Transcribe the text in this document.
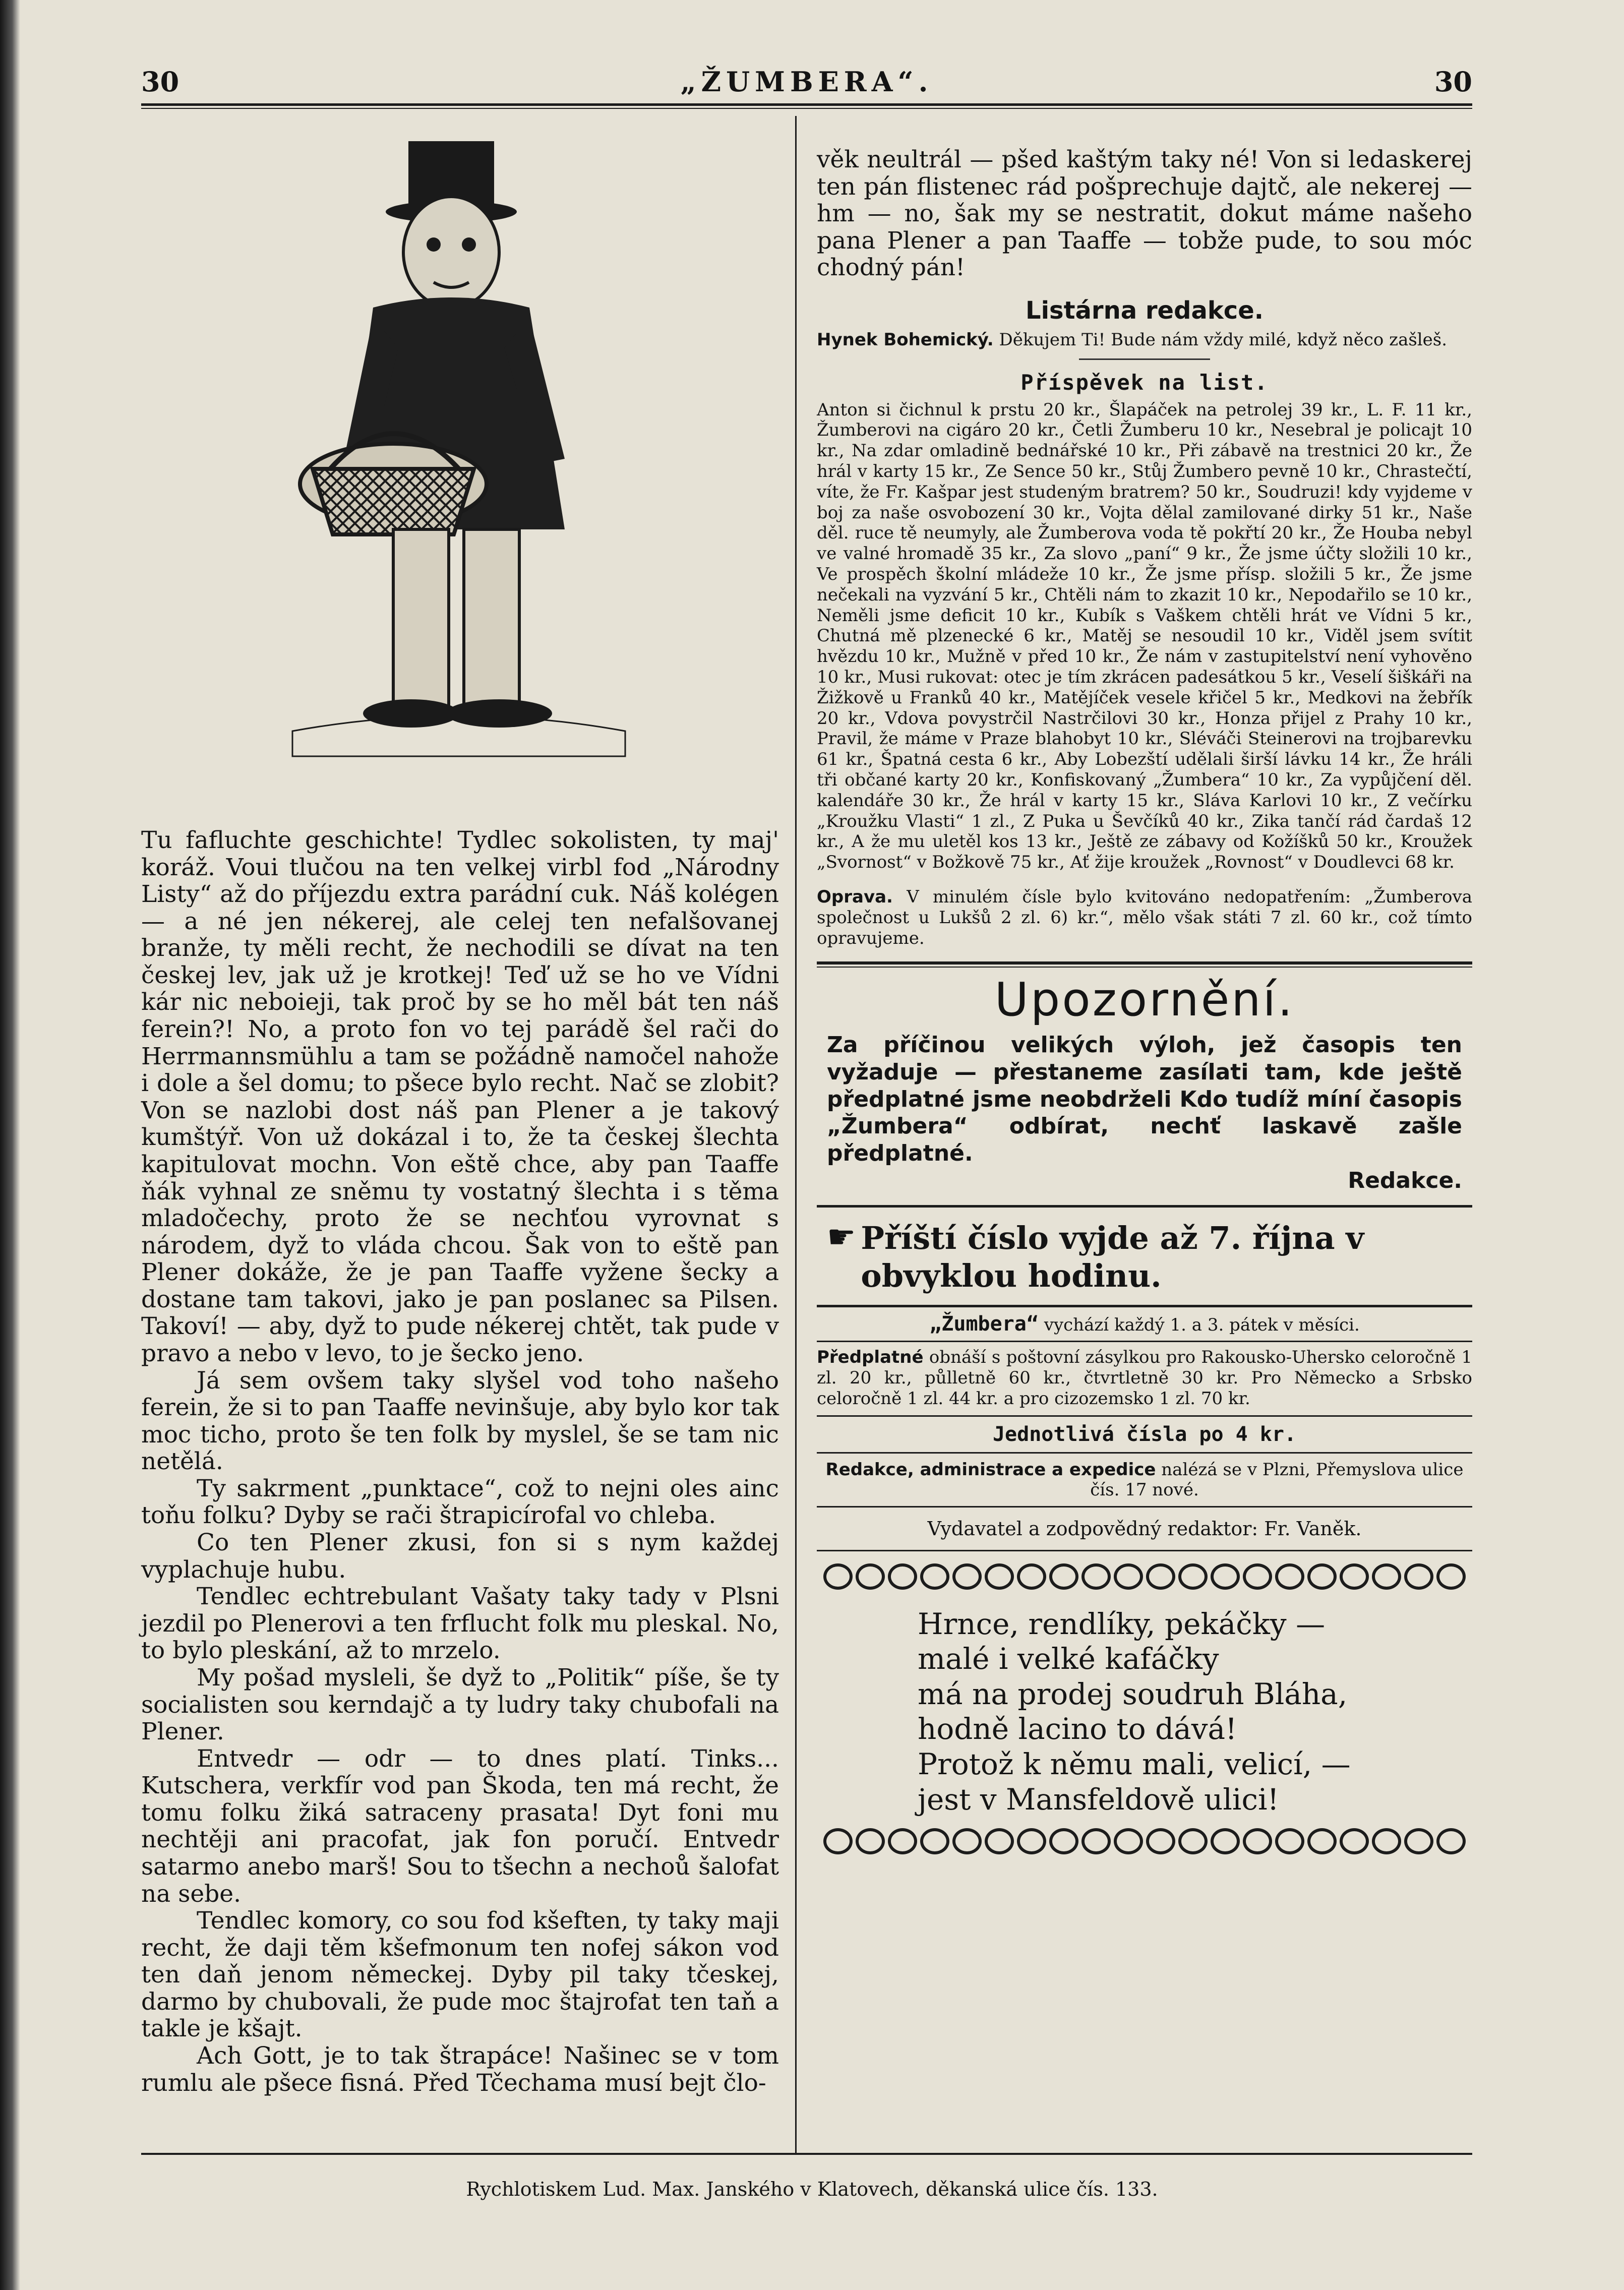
30	„ŽUMBERA“.	30

Tu fafluchte geschichte! Tydlec sokolisten, ty maj' koráž. Voui tlučou na ten velkej virbl fod „Národny Listy“ až do příjezdu extra parádní cuk. Náš kolégen — a né jen nékerej, ale celej ten nefalšovanej branže, ty měli recht, že nechodili se dívat na ten českej lev, jak už je krotkej! Teď už se ho ve Vídni kár nic neboieji, tak proč by se ho měl bát ten náš ferein?! No, a proto fon vo tej parádě šel rači do Herrmannsmühlu a tam se požádně namočel nahože i dole a šel domu; to pšece bylo recht. Nač se zlobit? Von se nazlobi dost náš pan Plener a je takový kumštýř. Von už dokázal i to, že ta českej šlechta kapitulovat mochn. Von eště chce, aby pan Taaffe ňák vyhnal ze sněmu ty vostatný šlechta i s těma mladočechy, proto že se nechťou vyrovnat s národem, dyž to vláda chcou. Šak von to eště pan Plener dokáže, že je pan Taaffe vyžene šecky a dostane tam takovi, jako je pan poslanec sa Pilsen. Takoví! — aby, dyž to pude nékerej chtět, tak pude v pravo a nebo v levo, to je šecko jeno.

Já sem ovšem taky slyšel vod toho našeho ferein, že si to pan Taaffe nevinšuje, aby bylo kor tak moc ticho, proto še ten folk by myslel, še se tam nic netělá.

Ty sakrment „punktace“, což to nejni oles ainc toňu folku? Dyby se rači štrapicírofal vo chleba.

Co ten Plener zkusi, fon si s nym každej vyplachuje hubu.

Tendlec echtrebulant Vašaty taky tady v Plsni jezdil po Plenerovi a ten frflucht folk mu pleskal. No, to bylo pleskání, až to mrzelo.

My pošad mysleli, še dyž to „Politik“ píše, še ty socialisten sou kerndajč a ty ludry taky chubofali na Plener.

Entvedr — odr — to dnes platí. Tinks... Kutschera, verkfír vod pan Škoda, ten má recht, že tomu folku žiká satraceny prasata! Dyt foni mu nechtěji ani pracofat, jak fon poručí. Entvedr satarmo anebo marš! Sou to tšechn a nechoů šalofat na sebe.

Tendlec komory, co sou fod kšeften, ty taky maji recht, že daji těm kšefmonum ten nofej sákon vod ten daň jenom německej. Dyby pil taky tčeskej, darmo by chubovali, že pude moc štajrofat ten taň a takle je kšajt.

Ach Gott, je to tak štrapáce! Našinec se v tom rumlu ale pšece fisná. Před Tčechama musí bejt člo-

věk neultrál — pšed kaštým taky né! Von si ledaskerej ten pán flistenec rád pošprechuje dajtč, ale nekerej — hm — no, šak my se nestratit, dokut máme našeho pana Plener a pan Taaffe — tobže pude, to sou móc chodný pán!

Listárna redakce.

Hynek Bohemický. Děkujem Ti! Bude nám vždy milé, když něco zašleš.

Příspěvek na list.

Anton si čichnul k prstu 20 kr., Šlapáček na petrolej 39 kr., L. F. 11 kr., Žumberovi na cigáro 20 kr., Četli Žumberu 10 kr., Nesebral je policajt 10 kr., Na zdar omladině bednářské 10 kr., Při zábavě na trestnici 20 kr., Že hrál v karty 15 kr., Ze Sence 50 kr., Stůj Žumbero pevně 10 kr., Chrastečtí, víte, že Fr. Kašpar jest studeným bratrem? 50 kr., Soudruzi! kdy vyjdeme v boj za naše osvobození 30 kr., Vojta dělal zamilované dirky 51 kr., Naše děl. ruce tě neumyly, ale Žumberova voda tě pokřtí 20 kr., Že Houba nebyl ve valné hromadě 35 kr., Za slovo „paní“ 9 kr., Že jsme účty složili 10 kr., Ve prospěch školní mládeže 10 kr., Že jsme přísp. složili 5 kr., Že jsme nečekali na vyzvání 5 kr., Chtěli nám to zkazit 10 kr., Nepodařilo se 10 kr., Neměli jsme deficit 10 kr., Kubík s Vaškem chtěli hrát ve Vídni 5 kr., Chutná mě plzenecké 6 kr., Matěj se nesoudil 10 kr., Viděl jsem svítit hvězdu 10 kr., Mužně v před 10 kr., Že nám v zastupitelství není vyhověno 10 kr., Musi rukovat: otec je tím zkrácen padesátkou 5 kr., Veselí šiškáři na Žižkově u Franků 40 kr., Matějíček vesele křičel 5 kr., Medkovi na žebřík 20 kr., Vdova povystrčil Nastrčilovi 30 kr., Honza přijel z Prahy 10 kr., Pravil, že máme v Praze blahobyt 10 kr., Sléváči Steinerovi na trojbarevku 61 kr., Špatná cesta 6 kr., Aby Lobezští udělali širší lávku 14 kr., Že hráli tři občané karty 20 kr., Konfiskovaný „Žumbera“ 10 kr., Za vypůjčení děl. kalendáře 30 kr., Že hrál v karty 15 kr., Sláva Karlovi 10 kr., Z večírku „Kroužku Vlasti“ 1 zl., Z Puka u Ševčíků 40 kr., Zika tančí rád čardaš 12 kr., A že mu uletěl kos 13 kr., Ještě ze zábavy od Kožíšků 50 kr., Kroužek „Svornost“ v Božkově 75 kr., Ať žije kroužek „Rovnost“ v Doudlevci 68 kr.

Oprava. V minulém čísle bylo kvitováno nedopatřením: „Žumberova společnost u Lukšů 2 zl. 6) kr.“, mělo však státi 7 zl. 60 kr., což tímto opravujeme.

Upozornění.

Za příčinou velikých výloh, jež časopis ten vyžaduje — přestaneme zasílati tam, kde ještě předplatné jsme neobdrželi Kdo tudíž míní časopis „Žumbera“ odbírat, nechť laskavě zašle předplatné.

Redakce.

☛ Příští číslo vyjde až 7. října v obvyklou hodinu.

„Žumbera“ vychází každý 1. a 3. pátek v měsíci.

Předplatné obnáší s poštovní zásylkou pro Rakousko-Uhersko celoročně 1 zl. 20 kr., půlletně 60 kr., čtvrtletně 30 kr. Pro Německo a Srbsko celoročně 1 zl. 44 kr. a pro cizozemsko 1 zl. 70 kr.

Jednotlivá čísla po 4 kr.

Redakce, administrace a expedice nalézá se v Plzni, Přemyslova ulice čís. 17 nové.

Vydavatel a zodpovědný redaktor: Fr. Vaněk.

Hrnce, rendlíky, pekáčky —
malé i velké kafáčky
má na prodej soudruh Bláha,
hodně lacino to dává!
Protož k němu mali, velicí, —
jest v Mansfeldově ulici!
Rychlotiskem Lud. Max. Janského v Klatovech, děkanská ulice čís. 133.
